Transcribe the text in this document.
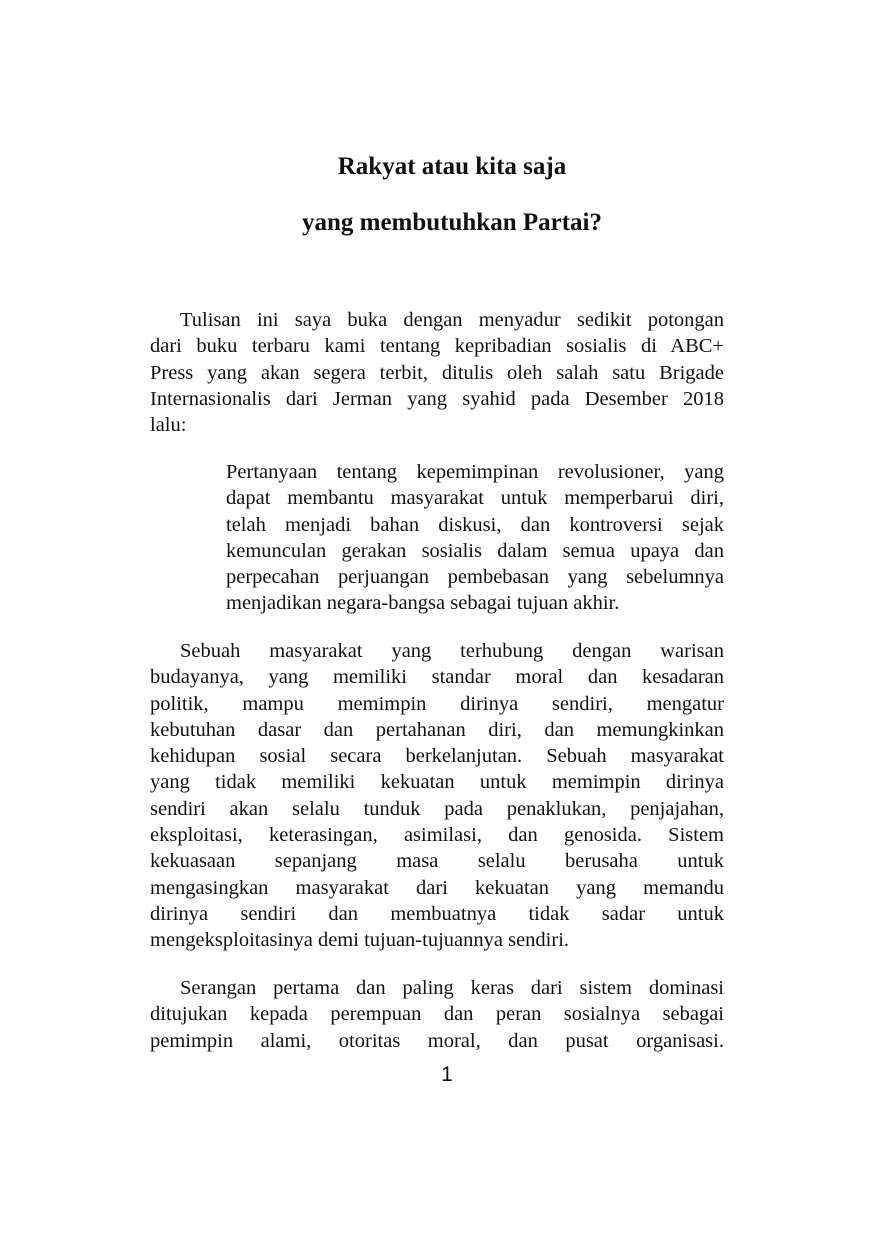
Rakyat atau kita saja
yang membutuhkan Partai?
Tulisan ini saya buka dengan menyadur sedikit potongan
dari buku terbaru kami tentang kepribadian sosialis di ABC+
Press yang akan segera terbit, ditulis oleh salah satu Brigade
Internasionalis dari Jerman yang syahid pada Desember 2018
lalu:
Pertanyaan tentang kepemimpinan revolusioner, yang
dapat membantu masyarakat untuk memperbarui diri,
telah menjadi bahan diskusi, dan kontroversi sejak
kemunculan gerakan sosialis dalam semua upaya dan
perpecahan perjuangan pembebasan yang sebelumnya
menjadikan negara-bangsa sebagai tujuan akhir.
Sebuah masyarakat yang terhubung dengan warisan
budayanya, yang memiliki standar moral dan kesadaran
politik, mampu memimpin dirinya sendiri, mengatur
kebutuhan dasar dan pertahanan diri, dan memungkinkan
kehidupan sosial secara berkelanjutan. Sebuah masyarakat
yang tidak memiliki kekuatan untuk memimpin dirinya
sendiri akan selalu tunduk pada penaklukan, penjajahan,
eksploitasi, keterasingan, asimilasi, dan genosida. Sistem
kekuasaan sepanjang masa selalu berusaha untuk
mengasingkan masyarakat dari kekuatan yang memandu
dirinya sendiri dan membuatnya tidak sadar untuk
mengeksploitasinya demi tujuan-tujuannya sendiri.
Serangan pertama dan paling keras dari sistem dominasi
ditujukan kepada perempuan dan peran sosialnya sebagai
pemimpin alami, otoritas moral, dan pusat organisasi.
1
